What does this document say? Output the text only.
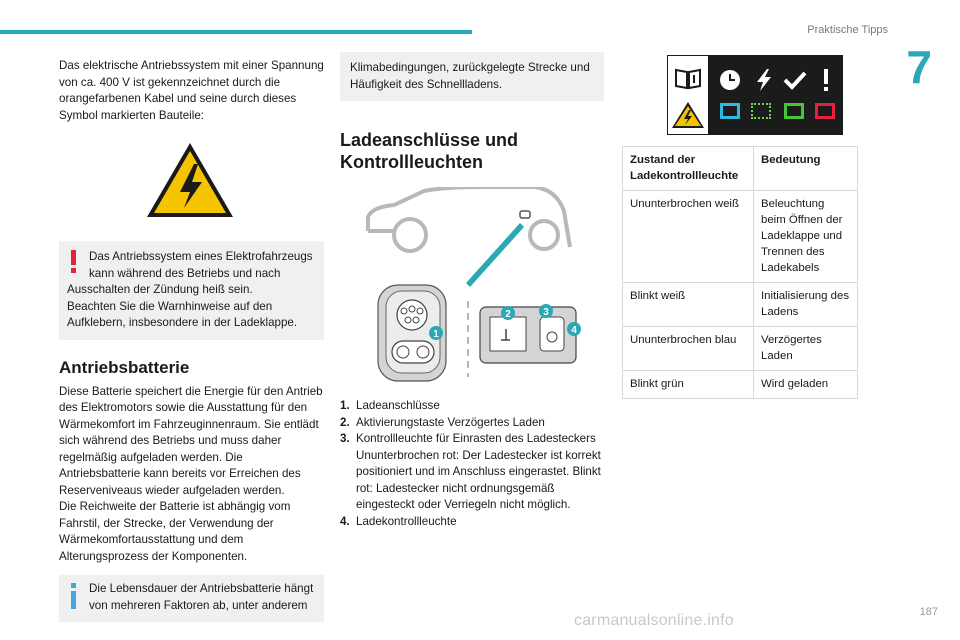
Praktische Tipps
7

Das elektrische Antriebssystem mit einer Spannung von ca. 400 V ist gekennzeichnet durch die orangefarbenen Kabel und seine durch dieses Symbol markierten Bauteile:

Das Antriebssystem eines Elektrofahrzeugs

kann während des Betriebs und nach

Ausschalten der Zündung heiß sein.

Beachten Sie die Warnhinweise auf den Aufklebern, insbesondere in der Ladeklappe.

Antriebsbatterie

Diese Batterie speichert die Energie für den Antrieb des Elektromotors sowie die Ausstattung für den Wärmekomfort im Fahrzeuginnenraum. Sie entlädt sich während des Betriebs und muss daher regelmäßig aufgeladen werden. Die Antriebsbatterie kann bereits vor Erreichen des Reserveniveaus wieder aufgeladen werden.

Die Reichweite der Batterie ist abhängig vom Fahrstil, der Strecke, der Verwendung der Wärmekomfortausstattung und dem Alterungsprozess der Komponenten.

Die Lebensdauer der Antriebsbatterie hängt

von mehreren Faktoren ab, unter anderem

Klimabedingungen, zurückgelegte Strecke und Häufigkeit des Schnellladens.

Ladeanschlüsse und Kontrollleuchten
1
2	3
4
1. Ladeanschlüsse
2. Aktivierungstaste Verzögertes Laden
3. Kontrollleuchte für Einrasten des Ladesteckers Ununterbrochen rot: Der Ladestecker ist korrekt positioniert und im Anschluss eingerastet. Blinkt rot: Ladestecker nicht ordnungsgemäß eingesteckt oder Verriegeln nicht möglich.
4. Ladekontrollleuchte
Zustand der Ladekontrollleuchte	Bedeutung
Ununterbrochen weiß	Beleuchtung beim Öffnen der Ladeklappe und Trennen des Ladekabels
Blinkt weiß	Initialisierung des Ladens
Ununterbrochen blau	Verzögertes Laden
Blinkt grün	Wird geladen
carmanualsonline.info	187
